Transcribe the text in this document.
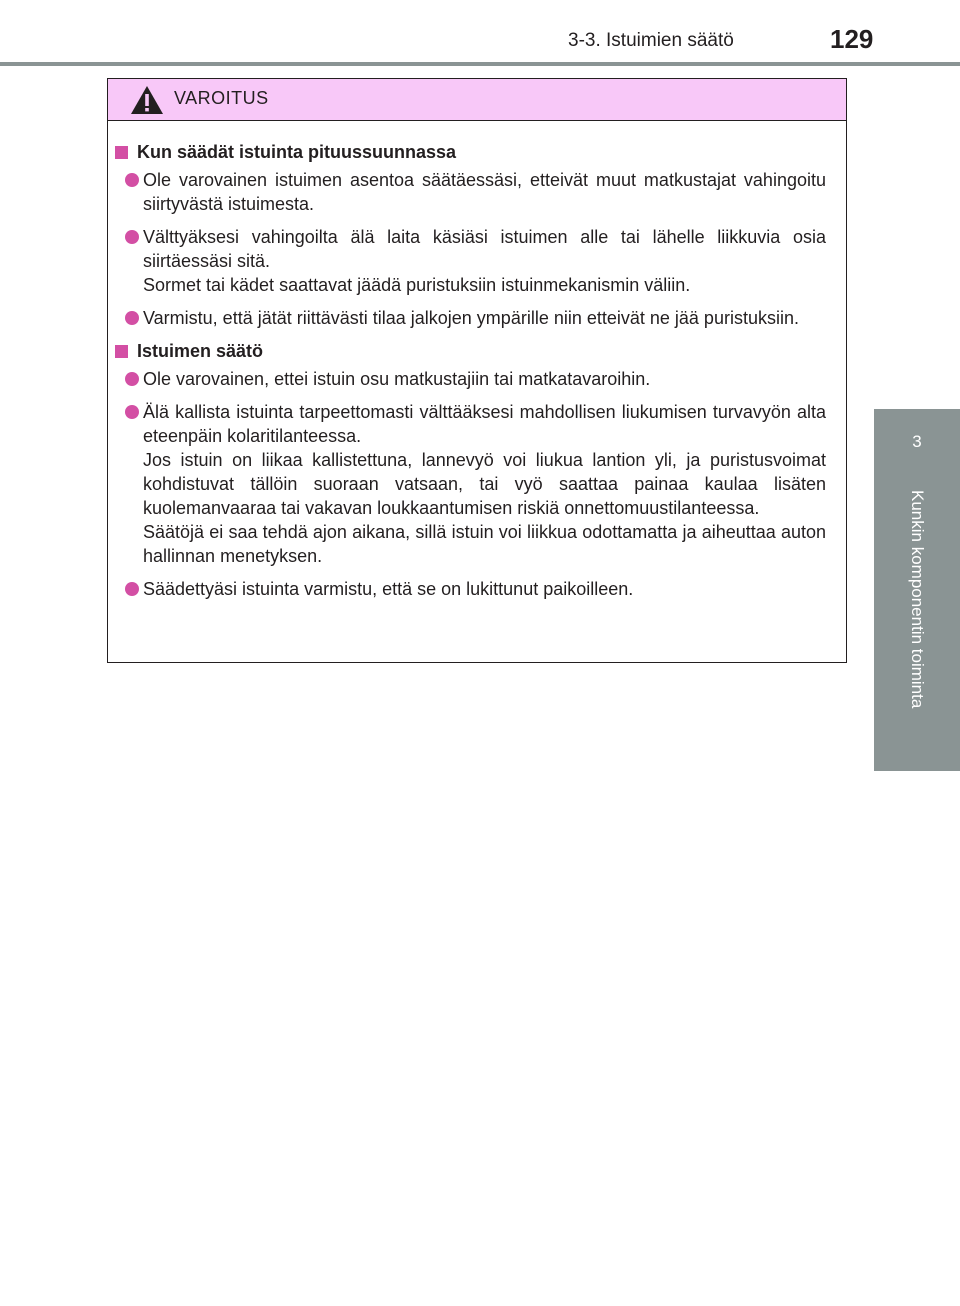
3-3. Istuimien säätö	129
3
Kunkin komponentin toiminta
VAROITUS
Kun säädät istuinta pituussuunnassa

Ole varovainen istuimen asentoa säätäessäsi, etteivät muut matkustajat vahingoitu siirtyvästä istuimesta.

Välttyäksesi vahingoilta älä laita käsiäsi istuimen alle tai lähelle liikkuvia osia siirtäessäsi sitä.

Sormet tai kädet saattavat jäädä puristuksiin istuinmekanismin väliin.

Varmistu, että jätät riittävästi tilaa jalkojen ympärille niin etteivät ne jää puristuksiin.

Istuimen säätö

Ole varovainen, ettei istuin osu matkustajiin tai matkatavaroihin.

Älä kallista istuinta tarpeettomasti välttääksesi mahdollisen liukumisen turvavyön alta eteenpäin kolaritilanteessa.

Jos istuin on liikaa kallistettuna, lannevyö voi liukua lantion yli, ja puristusvoimat kohdistuvat tällöin suoraan vatsaan, tai vyö saattaa painaa kaulaa lisäten kuolemanvaaraa tai vakavan loukkaantumisen riskiä onnettomuustilanteessa.

Säätöjä ei saa tehdä ajon aikana, sillä istuin voi liikkua odottamatta ja aiheuttaa auton hallinnan menetyksen.

Säädettyäsi istuinta varmistu, että se on lukittunut paikoilleen.
